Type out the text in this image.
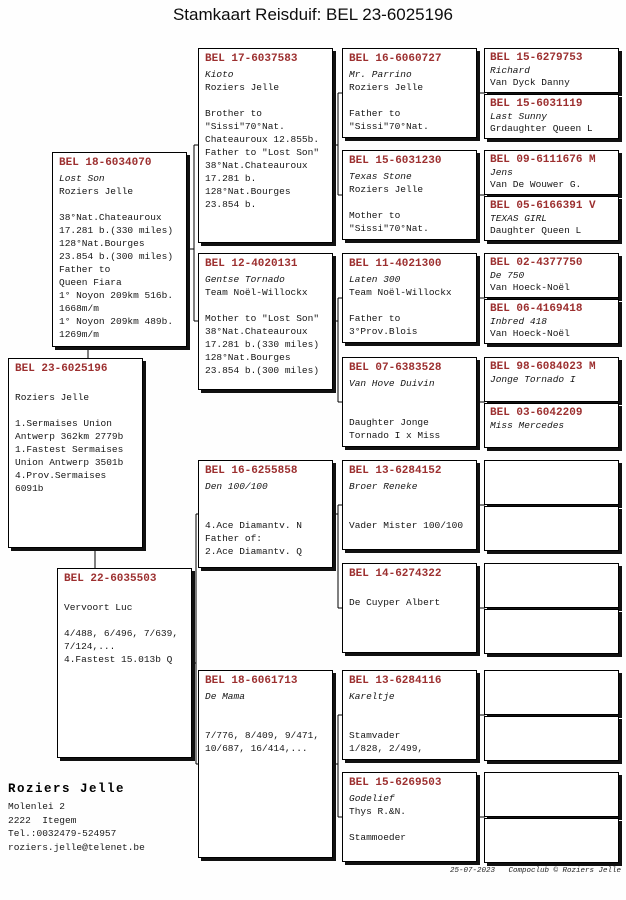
Stamkaart Reisduif: BEL 23-6025196
BEL 23-6025196

Roziers Jelle

1.Sermaises Union
Antwerp 362km 2779b
1.Fastest Sermaises
Union Antwerp 3501b
4.Prov.Sermaises
6091b
BEL 18-6034070
Lost Son
Roziers Jelle

38°Nat.Chateauroux
17.281 b.(330 miles)
128°Nat.Bourges
23.854 b.(300 miles)
Father to
Queen Fiara
1° Noyon 209km 516b.
1668m/m
1° Noyon 209km 489b.
1269m/m
BEL 22-6035503

Vervoort Luc

4/488, 6/496, 7/639,
7/124,...
4.Fastest 15.013b Q
BEL 17-6037583
Kioto
Roziers Jelle

Brother to
"Sissi"70°Nat.
Chateauroux 12.855b.
Father to "Lost Son"
38°Nat.Chateauroux
17.281 b.
128°Nat.Bourges
23.854 b.
BEL 12-4020131
Gentse Tornado
Team Noël-Willockx

Mother to "Lost Son"
38°Nat.Chateauroux
17.281 b.(330 miles)
128°Nat.Bourges
23.854 b.(300 miles)
BEL 16-6255858
Den 100/100

4.Ace Diamantv. N
Father of:
2.Ace Diamantv. Q
BEL 18-6061713
De Mama

7/776, 8/409, 9/471,
10/687, 16/414,...
BEL 16-6060727
Mr. Parrino
Roziers Jelle

Father to
"Sissi"70°Nat.
BEL 15-6031230
Texas Stone
Roziers Jelle

Mother to
"Sissi"70°Nat.
BEL 11-4021300
Laten 300
Team Noël-Willockx

Father to
3°Prov.Blois
BEL 07-6383528
Van Hove Duivin

Daughter Jonge
Tornado I x Miss
BEL 13-6284152
Broer Reneke

Vader Mister 100/100
BEL 14-6274322

De Cuyper Albert
BEL 13-6284116
Kareltje

Stamvader
1/828, 2/499,
BEL 15-6269503
Godelief
Thys R.&N.

Stammoeder
BEL 15-6279753
Richard
Van Dyck Danny
BEL 15-6031119
Last Sunny
Grdaughter Queen L
BEL 09-6111676 M
Jens
Van De Wouwer G.
BEL 05-6166391 V
TEXAS GIRL
Daughter Queen L
BEL 02-4377750
De 750
Van Hoeck-Noël
BEL 06-4169418
Inbred 418
Van Hoeck-Noël
BEL 98-6084023 M
Jonge Tornado I
BEL 03-6042209
Miss Mercedes
Roziers Jelle
Molenlei 2
2222  Itegem
Tel.:0032479-524957
roziers.jelle@telenet.be
25-07-2023   Compoclub © Roziers Jelle
